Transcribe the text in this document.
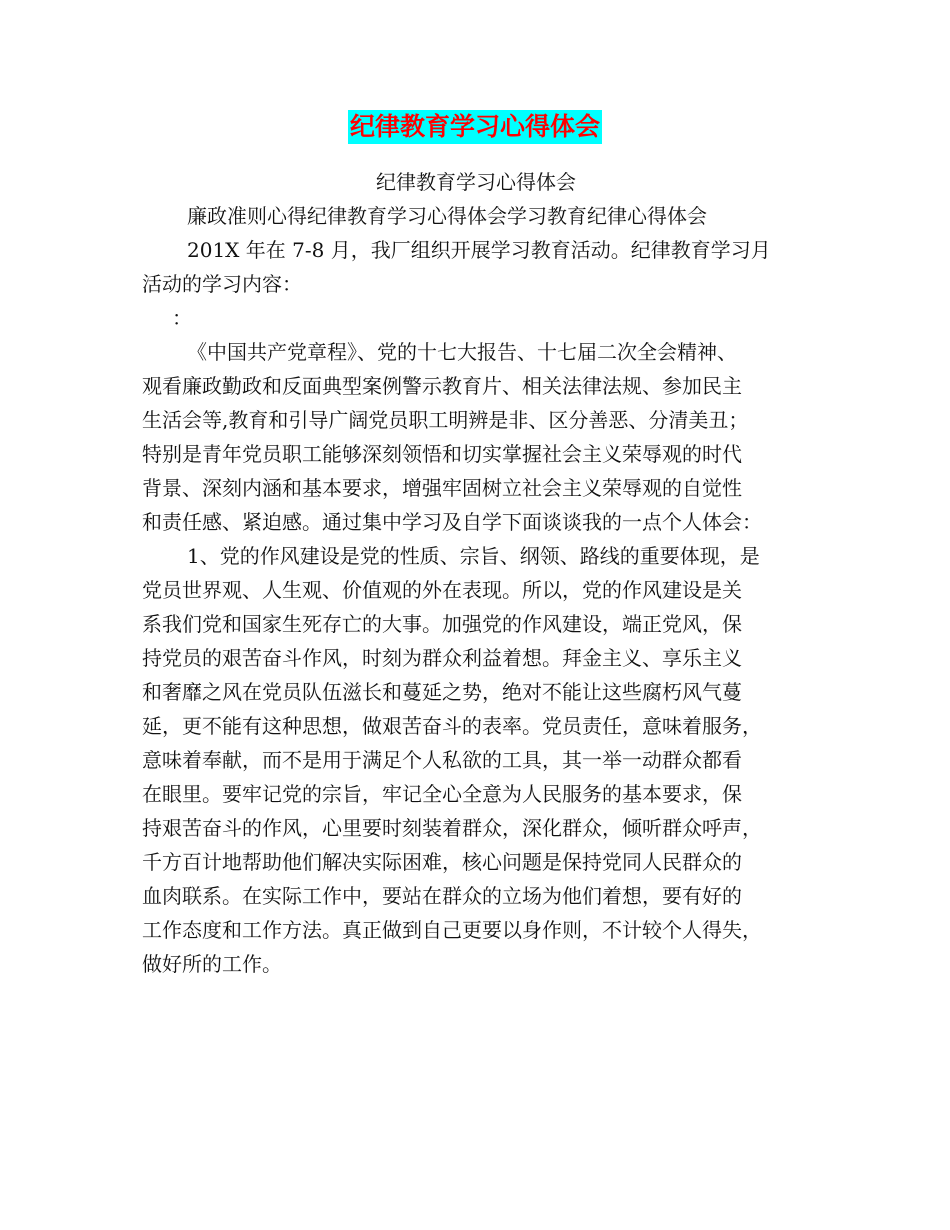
纪律教育学习心得体会
纪律教育学习心得体会
廉政准则心得纪律教育学习心得体会学习教育纪律心得体会
201X 年在 7-8 月，我厂组织开展学习教育活动。纪律教育学习月
活动的学习内容：
：
《中国共产党章程》、党的十七大报告、十七届二次全会精神、
观看廉政勤政和反面典型案例警示教育片、相关法律法规、参加民主
生活会等,教育和引导广阔党员职工明辨是非、区分善恶、分清美丑；
特别是青年党员职工能够深刻领悟和切实掌握社会主义荣辱观的时代
背景、深刻内涵和基本要求，增强牢固树立社会主义荣辱观的自觉性
和责任感、紧迫感。通过集中学习及自学下面谈谈我的一点个人体会：
1、党的作风建设是党的性质、宗旨、纲领、路线的重要体现，是
党员世界观、人生观、价值观的外在表现。所以，党的作风建设是关
系我们党和国家生死存亡的大事。加强党的作风建设，端正党风，保
持党员的艰苦奋斗作风，时刻为群众利益着想。拜金主义、享乐主义
和奢靡之风在党员队伍滋长和蔓延之势，绝对不能让这些腐朽风气蔓
延，更不能有这种思想，做艰苦奋斗的表率。党员责任，意味着服务，
意味着奉献，而不是用于满足个人私欲的工具，其一举一动群众都看
在眼里。要牢记党的宗旨，牢记全心全意为人民服务的基本要求，保
持艰苦奋斗的作风，心里要时刻装着群众，深化群众，倾听群众呼声，
千方百计地帮助他们解决实际困难，核心问题是保持党同人民群众的
血肉联系。在实际工作中，要站在群众的立场为他们着想，要有好的
工作态度和工作方法。真正做到自己更要以身作则，不计较个人得失，
做好所的工作。
